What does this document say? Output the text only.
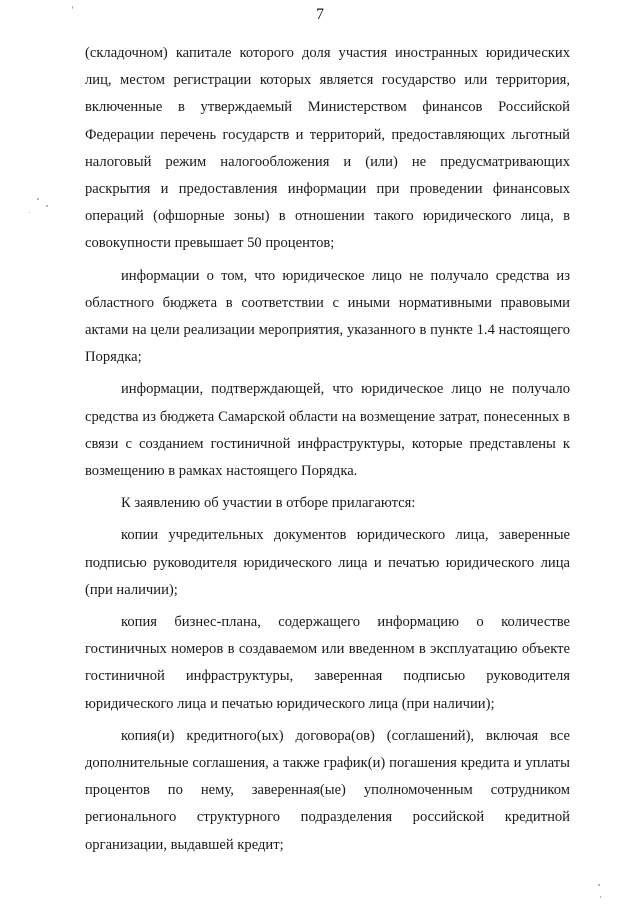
7

(складочном) капитале которого доля участия иностранных юридических лиц, местом регистрации которых является государство или территория, включенные в утверждаемый Министерством финансов Российской Федерации перечень государств и территорий, предоставляющих льготный налоговый режим налогообложения и (или) не предусматривающих раскрытия и предоставления информации при проведении финансовых операций (офшорные зоны) в отношении такого юридического лица, в совокупности превышает 50 процентов;

информации о том, что юридическое лицо не получало средства из областного бюджета в соответствии с иными нормативными правовыми актами на цели реализации мероприятия, указанного в пункте 1.4 настоящего Порядка;

информации, подтверждающей, что юридическое лицо не получало средства из бюджета Самарской области на возмещение затрат, понесенных в связи с созданием гостиничной инфраструктуры, которые представлены к возмещению в рамках настоящего Порядка.

К заявлению об участии в отборе прилагаются:

копии учредительных документов юридического лица, заверенные подписью руководителя юридического лица и печатью юридического лица (при наличии);

копия бизнес-плана, содержащего информацию о количестве гостиничных номеров в создаваемом или введенном в эксплуатацию объекте гостиничной инфраструктуры, заверенная подписью руководителя юридического лица и печатью юридического лица (при наличии);

копия(и) кредитного(ых) договора(ов) (соглашений), включая все дополнительные соглашения, а также график(и) погашения кредита и уплаты процентов по нему, заверенная(ые) уполномоченным сотрудником регионального структурного подразделения российской кредитной организации, выдавшей кредит;
